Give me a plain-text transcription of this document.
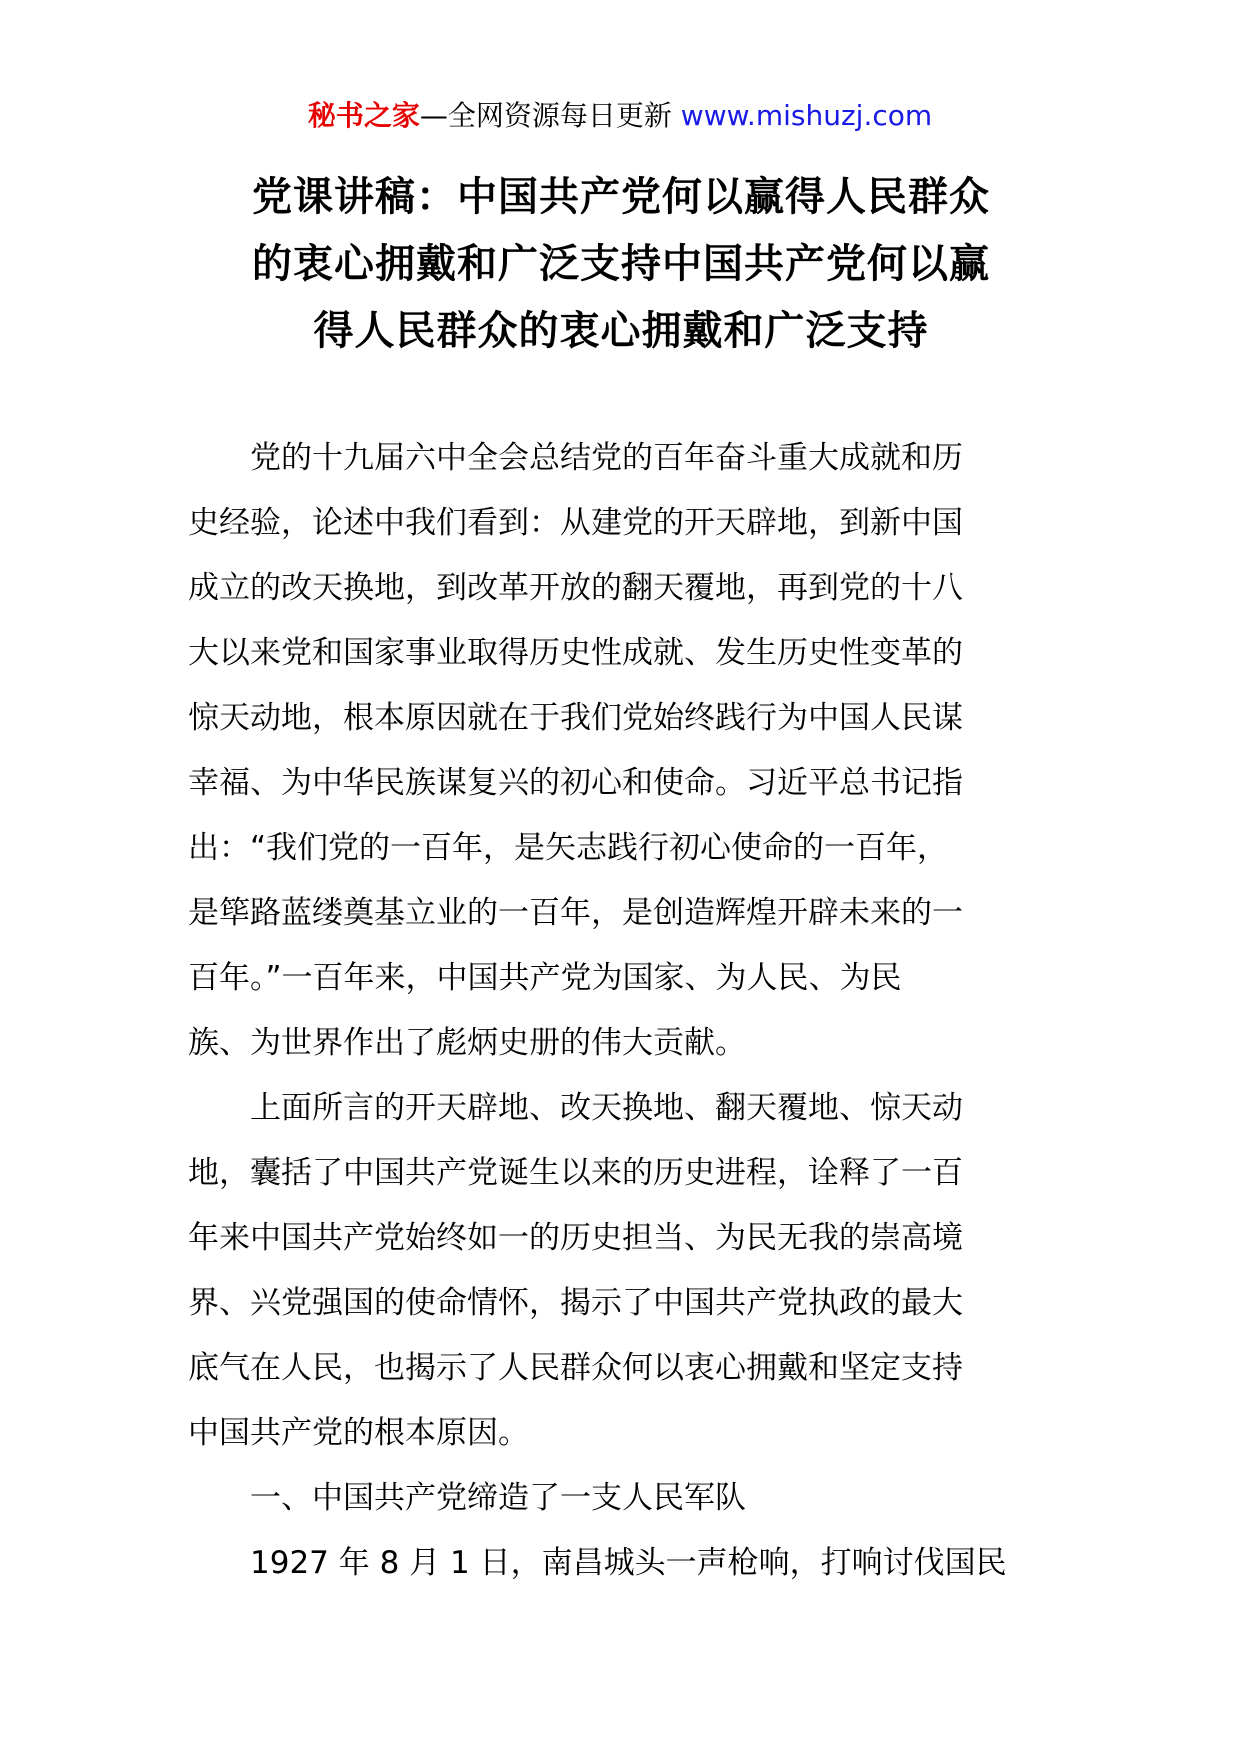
秘书之家—全网资源每日更新 www.mishuzj.com
党课讲稿：中国共产党何以赢得人民群众
的衷心拥戴和广泛支持中国共产党何以赢
得人民群众的衷心拥戴和广泛支持

党的十九届六中全会总结党的百年奋斗重大成就和历
史经验，论述中我们看到：从建党的开天辟地，到新中国
成立的改天换地，到改革开放的翻天覆地，再到党的十八
大以来党和国家事业取得历史性成就、发生历史性变革的
惊天动地，根本原因就在于我们党始终践行为中国人民谋
幸福、为中华民族谋复兴的初心和使命。习近平总书记指
出：“我们党的一百年，是矢志践行初心使命的一百年，
是筚路蓝缕奠基立业的一百年，是创造辉煌开辟未来的一
百年。”一百年来，中国共产党为国家、为人民、为民
族、为世界作出了彪炳史册的伟大贡献。

上面所言的开天辟地、改天换地、翻天覆地、惊天动
地，囊括了中国共产党诞生以来的历史进程，诠释了一百
年来中国共产党始终如一的历史担当、为民无我的崇高境
界、兴党强国的使命情怀，揭示了中国共产党执政的最大
底气在人民，也揭示了人民群众何以衷心拥戴和坚定支持
中国共产党的根本原因。

一、中国共产党缔造了一支人民军队

1927 年 8 月 1 日，南昌城头一声枪响，打响讨伐国民
